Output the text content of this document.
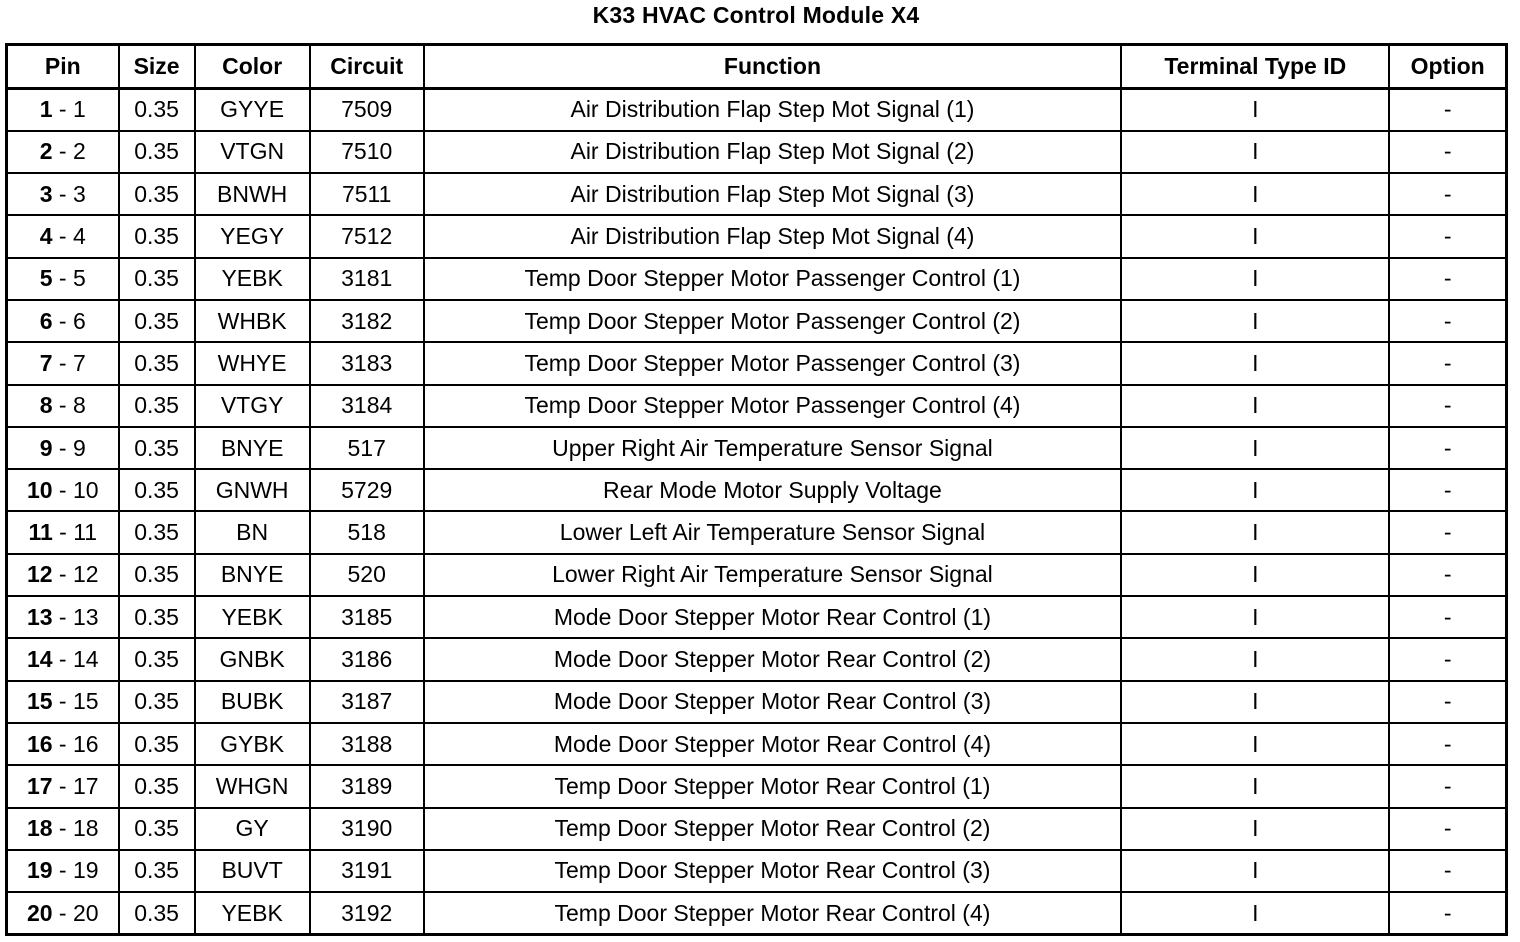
K33 HVAC Control Module X4
Pin	Size	Color	Circuit	Function	Terminal Type ID	Option
1 - 1	0.35	GYYE	7509	Air Distribution Flap Step Mot Signal (1)	I	-
2 - 2	0.35	VTGN	7510	Air Distribution Flap Step Mot Signal (2)	I	-
3 - 3	0.35	BNWH	7511	Air Distribution Flap Step Mot Signal (3)	I	-
4 - 4	0.35	YEGY	7512	Air Distribution Flap Step Mot Signal (4)	I	-
5 - 5	0.35	YEBK	3181	Temp Door Stepper Motor Passenger Control (1)	I	-
6 - 6	0.35	WHBK	3182	Temp Door Stepper Motor Passenger Control (2)	I	-
7 - 7	0.35	WHYE	3183	Temp Door Stepper Motor Passenger Control (3)	I	-
8 - 8	0.35	VTGY	3184	Temp Door Stepper Motor Passenger Control (4)	I	-
9 - 9	0.35	BNYE	517	Upper Right Air Temperature Sensor Signal	I	-
10 - 10	0.35	GNWH	5729	Rear Mode Motor Supply Voltage	I	-
11 - 11	0.35	BN	518	Lower Left Air Temperature Sensor Signal	I	-
12 - 12	0.35	BNYE	520	Lower Right Air Temperature Sensor Signal	I	-
13 - 13	0.35	YEBK	3185	Mode Door Stepper Motor Rear Control (1)	I	-
14 - 14	0.35	GNBK	3186	Mode Door Stepper Motor Rear Control (2)	I	-
15 - 15	0.35	BUBK	3187	Mode Door Stepper Motor Rear Control (3)	I	-
16 - 16	0.35	GYBK	3188	Mode Door Stepper Motor Rear Control (4)	I	-
17 - 17	0.35	WHGN	3189	Temp Door Stepper Motor Rear Control (1)	I	-
18 - 18	0.35	GY	3190	Temp Door Stepper Motor Rear Control (2)	I	-
19 - 19	0.35	BUVT	3191	Temp Door Stepper Motor Rear Control (3)	I	-
20 - 20	0.35	YEBK	3192	Temp Door Stepper Motor Rear Control (4)	I	-
